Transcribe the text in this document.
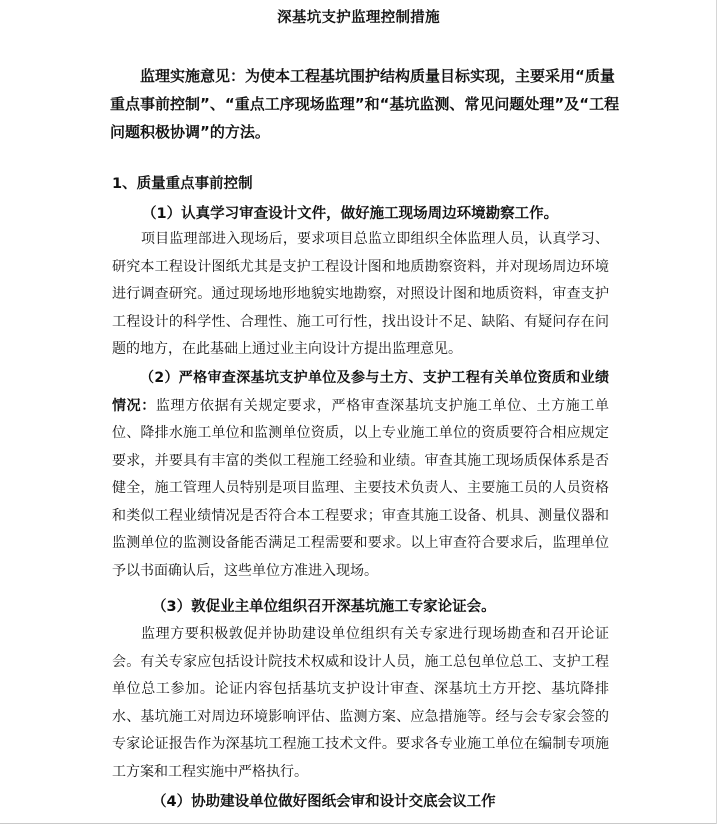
深基坑支护监理控制措施

监理实施意见：为使本工程基坑围护结构质量目标实现，主要采用“质量重点事前控制”、“重点工序现场监理”和“基坑监测、常见问题处理”及“工程问题积极协调”的方法。

1、质量重点事前控制

（1）认真学习审查设计文件，做好施工现场周边环境勘察工作。

项目监理部进入现场后，要求项目总监立即组织全体监理人员，认真学习、研究本工程设计图纸尤其是支护工程设计图和地质勘察资料，并对现场周边环境进行调查研究。通过现场地形地貌实地勘察，对照设计图和地质资料，审查支护工程设计的科学性、合理性、施工可行性，找出设计不足、缺陷、有疑问存在问题的地方，在此基础上通过业主向设计方提出监理意见。

（2）严格审查深基坑支护单位及参与土方、支护工程有关单位资质和业绩情况：监理方依据有关规定要求，严格审查深基坑支护施工单位、土方施工单位、降排水施工单位和监测单位资质，以上专业施工单位的资质要符合相应规定要求，并要具有丰富的类似工程施工经验和业绩。审查其施工现场质保体系是否健全，施工管理人员特别是项目监理、主要技术负责人、主要施工员的人员资格和类似工程业绩情况是否符合本工程要求；审查其施工设备、机具、测量仪器和监测单位的监测设备能否满足工程需要和要求。以上审查符合要求后，监理单位予以书面确认后，这些单位方准进入现场。

（3）敦促业主单位组织召开深基坑施工专家论证会。

监理方要积极敦促并协助建设单位组织有关专家进行现场勘查和召开论证会。有关专家应包括设计院技术权威和设计人员，施工总包单位总工、支护工程单位总工参加。论证内容包括基坑支护设计审查、深基坑土方开挖、基坑降排水、基坑施工对周边环境影响评估、监测方案、应急措施等。经与会专家会签的专家论证报告作为深基坑工程施工技术文件。要求各专业施工单位在编制专项施工方案和工程实施中严格执行。

（4）协助建设单位做好图纸会审和设计交底会议工作
